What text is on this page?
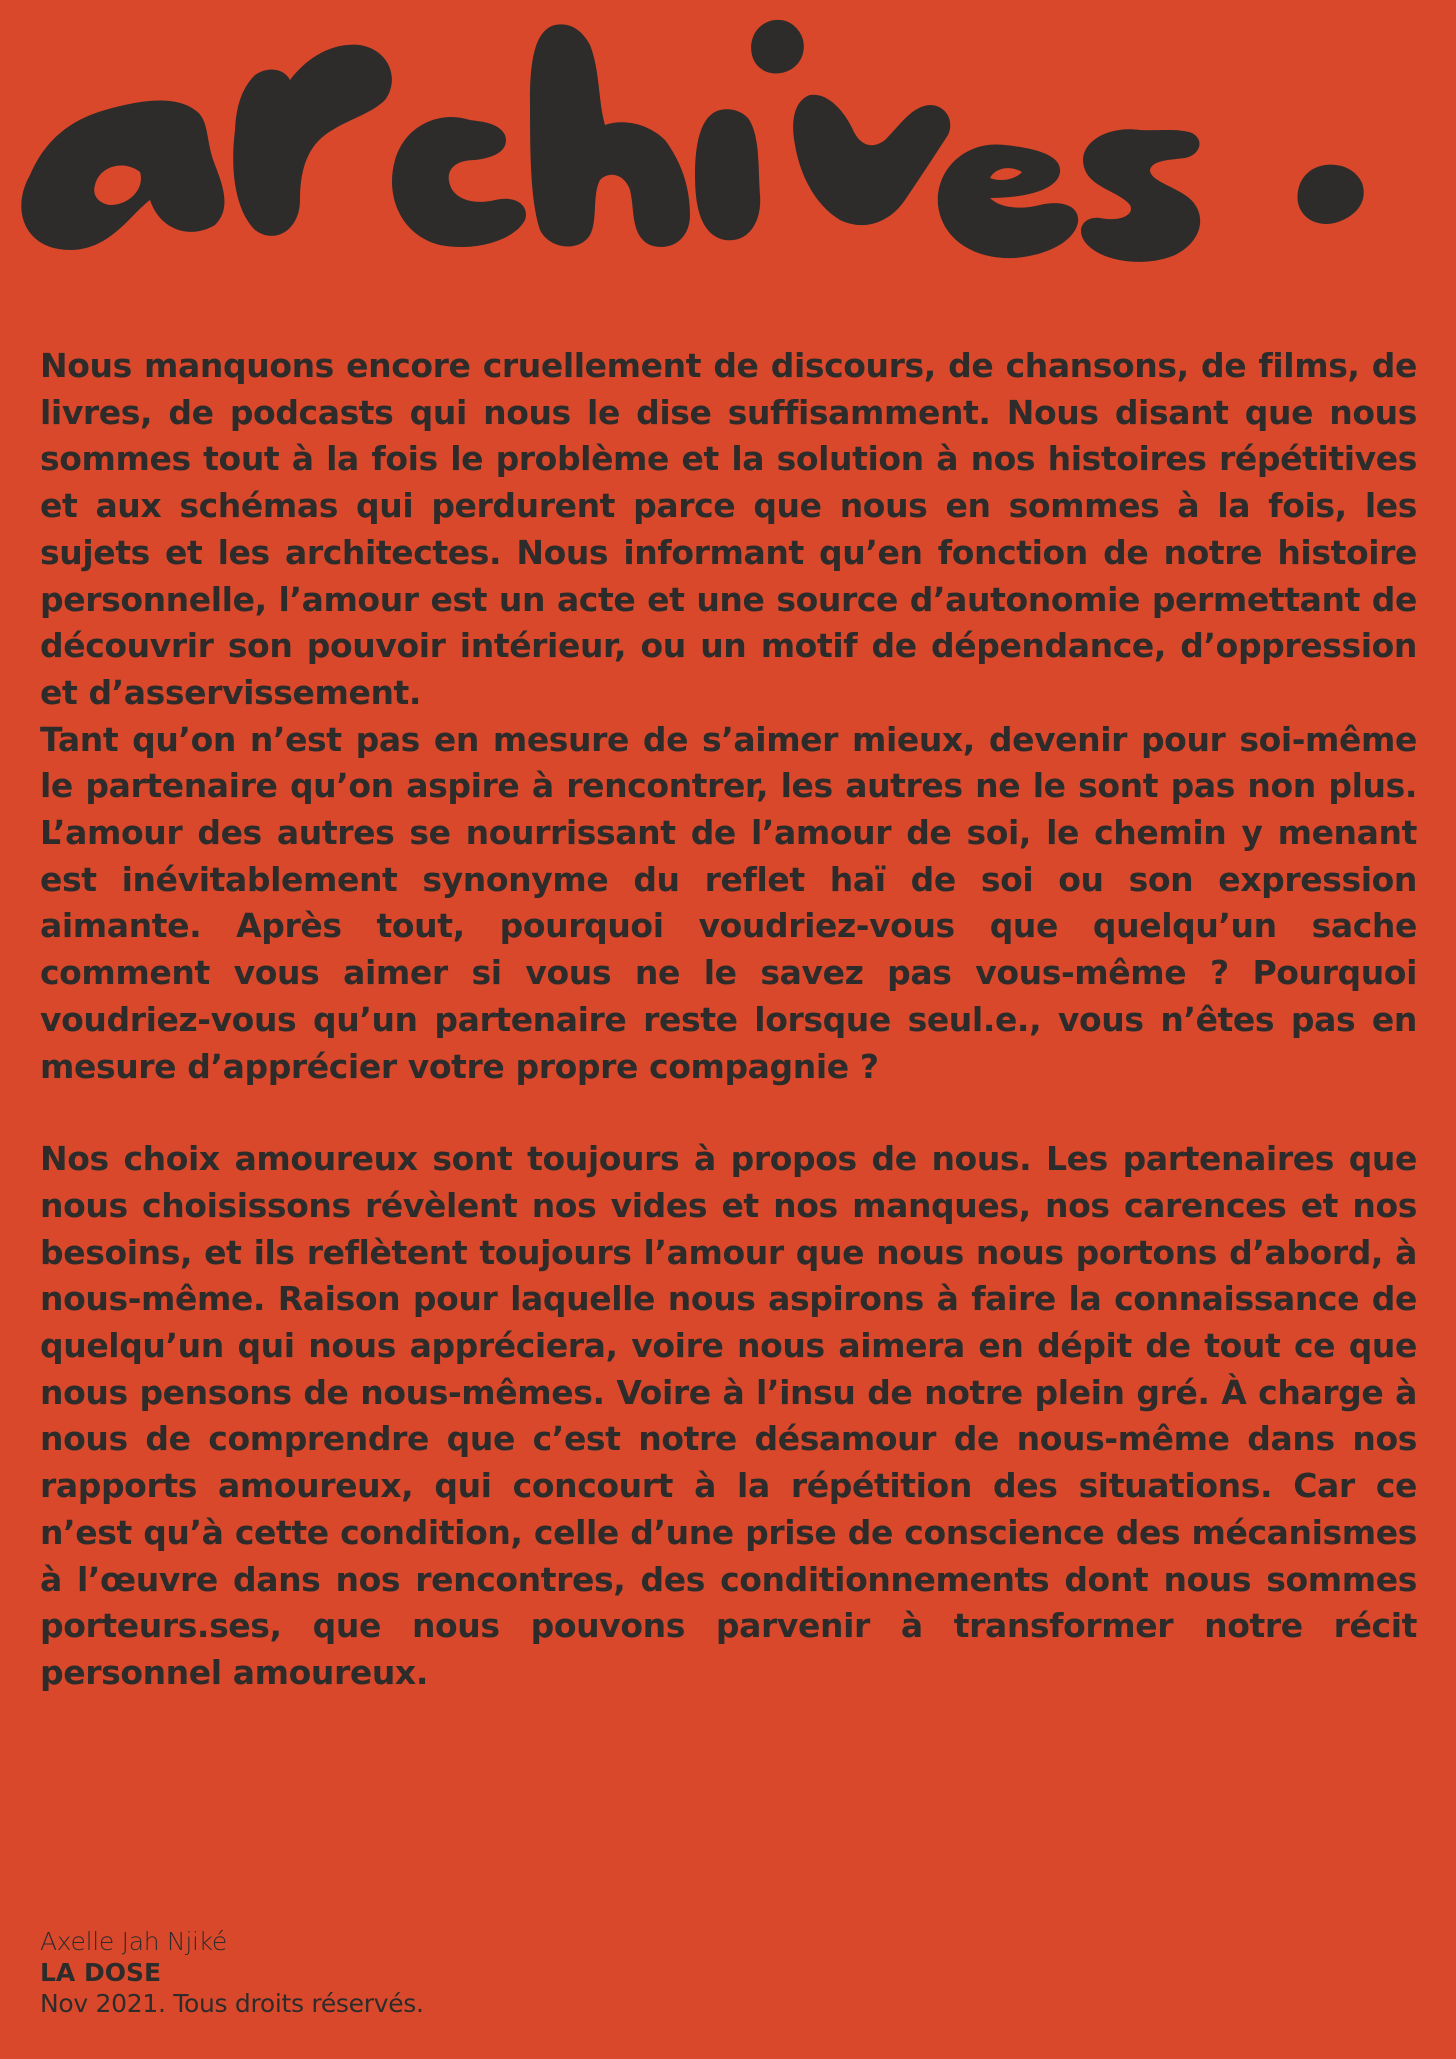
Nous manquons encore cruellement de discours, de chansons, de films, de livres, de podcasts qui nous le dise suffisamment. Nous disant que nous sommes tout à la fois le problème et la solution à nos histoires répétitives et aux schémas qui perdurent parce que nous en sommes à la fois, les sujets et les architectes. Nous informant qu’en fonction de notre histoire personnelle, l’amour est un acte et une source d’autonomie permettant de découvrir son pouvoir intérieur, ou un motif de dépendance, d’oppression et d’asservissement.

Tant qu’on n’est pas en mesure de s’aimer mieux, devenir pour soi-même le partenaire qu’on aspire à rencontrer, les autres ne le sont pas non plus. L’amour des autres se nourrissant de l’amour de soi, le chemin y menant est inévitablement synonyme du reflet haï de soi ou son expression aimante. Après tout, pourquoi voudriez-vous que quelqu’un sache comment vous aimer si vous ne le savez pas vous-même ? Pourquoi voudriez-vous qu’un partenaire reste lorsque seul.e., vous n’êtes pas en mesure d’apprécier votre propre compagnie ?

Nos choix amoureux sont toujours à propos de nous. Les partenaires que nous choisissons révèlent nos vides et nos manques, nos carences et nos besoins, et ils reflètent toujours l’amour que nous nous portons d’abord, à nous-même. Raison pour laquelle nous aspirons à faire la connaissance de quelqu’un qui nous appréciera, voire nous aimera en dépit de tout ce que nous pensons de nous-mêmes. Voire à l’insu de notre plein gré. À charge à nous de comprendre que c’est notre désamour de nous-même dans nos rapports amoureux, qui concourt à la répétition des situations. Car ce n’est qu’à cette condition, celle d’une prise de conscience des mécanismes à l’œuvre dans nos rencontres, des conditionnements dont nous sommes porteurs.ses, que nous pouvons parvenir à transformer notre récit personnel amoureux.

Axelle Jah Njiké
LA DOSE
Nov 2021. Tous droits réservés.
